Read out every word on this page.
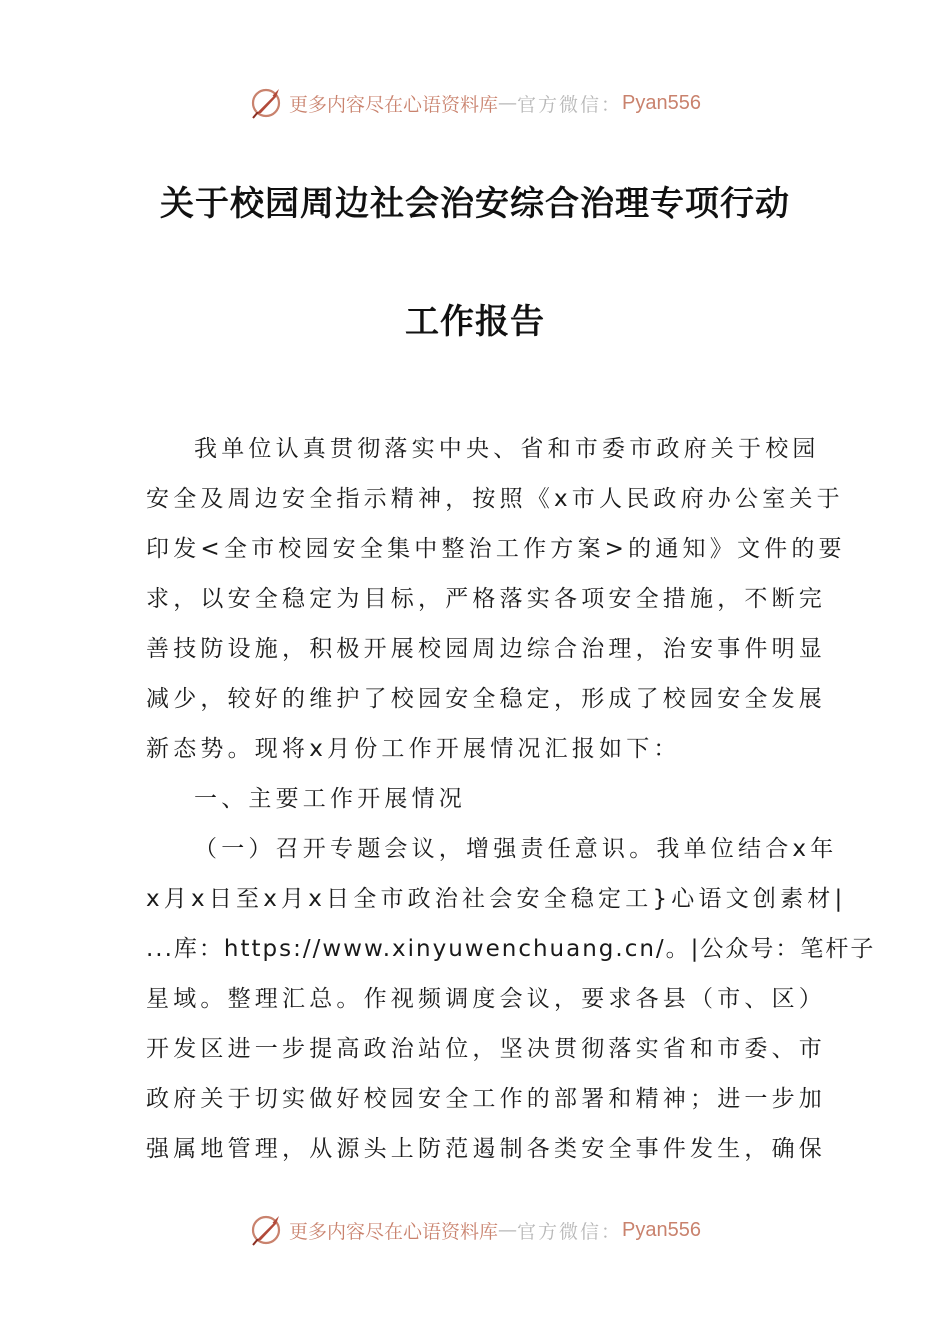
更多内容尽在心语资料库 — 官方微信： Pyan556
关于校园周边社会治安综合治理专项行动
工作报告
我单位认真贯彻落实中央、省和市委市政府关于校园
安全及周边安全指示精神，按照《x市人民政府办公室关于
印发<全市校园安全集中整治工作方案>的通知》文件的要
求，以安全稳定为目标，严格落实各项安全措施，不断完
善技防设施，积极开展校园周边综合治理，治安事件明显
减少，较好的维护了校园安全稳定，形成了校园安全发展
新态势。现将x月份工作开展情况汇报如下：
一、主要工作开展情况
（一）召开专题会议，增强责任意识。我单位结合x年
x月x日至x月x日全市政治社会安全稳定工}心语文创素材|
...库：https://www.xinyuwenchuang.cn/。|公众号：笔杆子
星域。整理汇总。作视频调度会议，要求各县（市、区）
开发区进一步提高政治站位，坚决贯彻落实省和市委、市
政府关于切实做好校园安全工作的部署和精神；进一步加
强属地管理，从源头上防范遏制各类安全事件发生，确保
更多内容尽在心语资料库 — 官方微信： Pyan556
